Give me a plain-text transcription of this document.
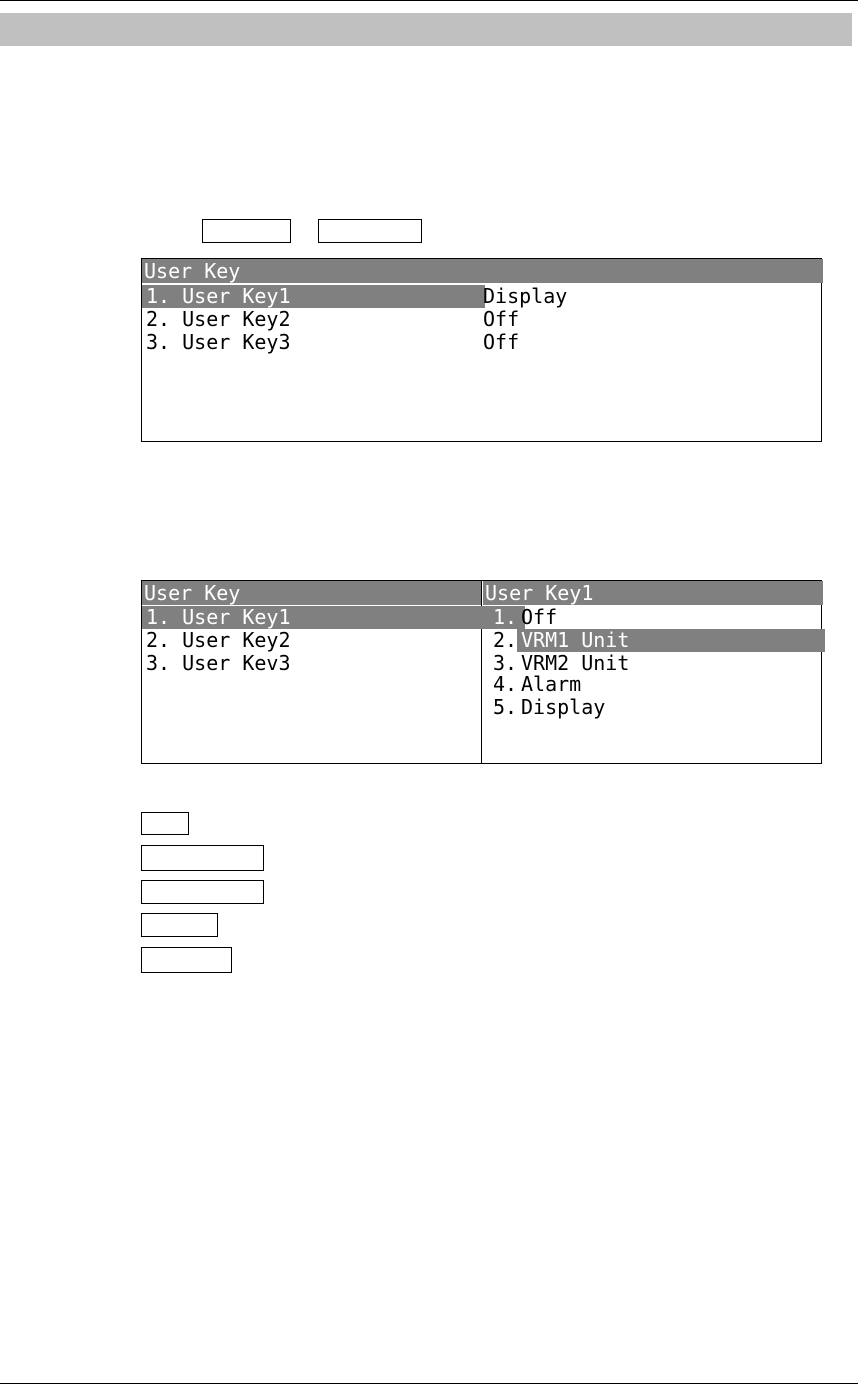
User Key
1. User Key1	Display
2. User Key2	Off
3. User Key3	Off
User Key	User Key1
1. User Key1
2. User Key2
3. User Kev3
1. Off
2. VRM1 Unit
3. VRM2 Unit
4. Alarm
5. Display
